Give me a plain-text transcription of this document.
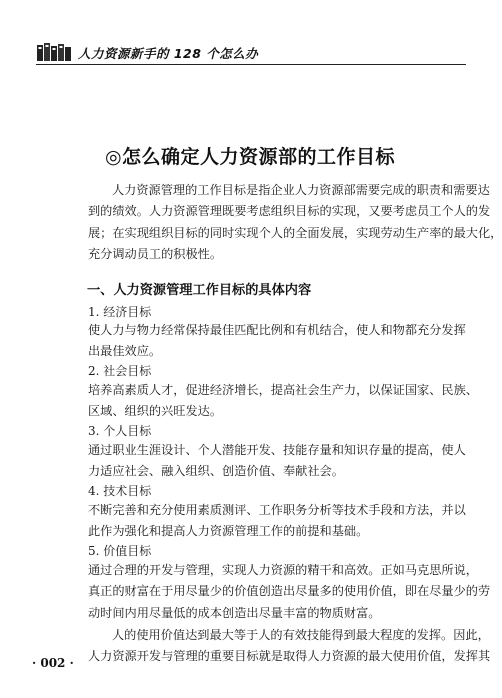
人力资源新手的 128 个怎么办
◎怎么确定人力资源部的工作目标
人力资源管理的工作目标是指企业人力资源部需要完成的职责和需要达
到的绩效。人力资源管理既要考虑组织目标的实现，又要考虑员工个人的发
展；在实现组织目标的同时实现个人的全面发展，实现劳动生产率的最大化，
充分调动员工的积极性。
一、人力资源管理工作目标的具体内容
1. 经济目标
使人力与物力经常保持最佳匹配比例和有机结合，使人和物都充分发挥
出最佳效应。
2. 社会目标
培养高素质人才，促进经济增长，提高社会生产力，以保证国家、民族、
区域、组织的兴旺发达。
3. 个人目标
通过职业生涯设计、个人潜能开发、技能存量和知识存量的提高，使人
力适应社会、融入组织、创造价值、奉献社会。
4. 技术目标
不断完善和充分使用素质测评、工作职务分析等技术手段和方法，并以
此作为强化和提高人力资源管理工作的前提和基础。
5. 价值目标
通过合理的开发与管理，实现人力资源的精干和高效。正如马克思所说，
真正的财富在于用尽量少的价值创造出尽量多的使用价值，即在尽量少的劳
动时间内用尽量低的成本创造出尽量丰富的物质财富。
人的使用价值达到最大等于人的有效技能得到最大程度的发挥。因此，
人力资源开发与管理的重要目标就是取得人力资源的最大使用价值，发挥其
· 002 ·
